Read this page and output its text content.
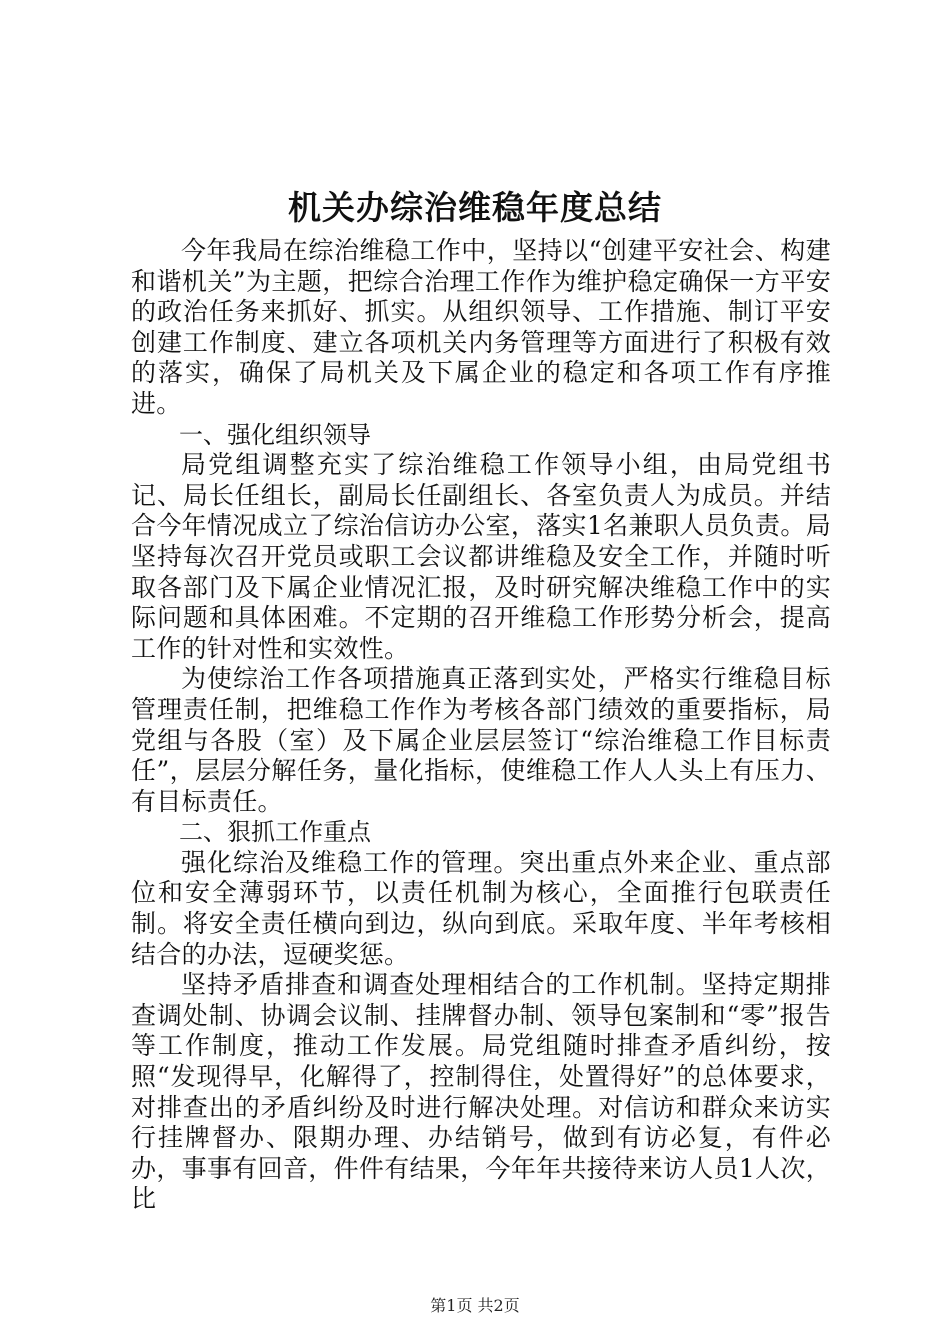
机关办综治维稳年度总结

今年我局在综治维稳工作中，坚持以“创建平安社会、构建和谐机关”为主题，把综合治理工作作为维护稳定确保一方平安的政治任务来抓好、抓实。从组织领导、工作措施、制订平安创建工作制度、建立各项机关内务管理等方面进行了积极有效的落实，确保了局机关及下属企业的稳定和各项工作有序推进。

一、强化组织领导

局党组调整充实了综治维稳工作领导小组，由局党组书记、局长任组长，副局长任副组长、各室负责人为成员。并结合今年情况成立了综治信访办公室，落实1名兼职人员负责。局坚持每次召开党员或职工会议都讲维稳及安全工作，并随时听取各部门及下属企业情况汇报，及时研究解决维稳工作中的实际问题和具体困难。不定期的召开维稳工作形势分析会，提高工作的针对性和实效性。

为使综治工作各项措施真正落到实处，严格实行维稳目标管理责任制，把维稳工作作为考核各部门绩效的重要指标，局党组与各股（室）及下属企业层层签订“综治维稳工作目标责任”，层层分解任务，量化指标，使维稳工作人人头上有压力、有目标责任。

二、狠抓工作重点

强化综治及维稳工作的管理。突出重点外来企业、重点部位和安全薄弱环节，以责任机制为核心，全面推行包联责任制。将安全责任横向到边，纵向到底。采取年度、半年考核相结合的办法，逗硬奖惩。

坚持矛盾排查和调查处理相结合的工作机制。坚持定期排查调处制、协调会议制、挂牌督办制、领导包案制和“零”报告等工作制度，推动工作发展。局党组随时排查矛盾纠纷，按照“发现得早，化解得了，控制得住，处置得好”的总体要求，对排查出的矛盾纠纷及时进行解决处理。对信访和群众来访实行挂牌督办、限期办理、办结销号，做到有访必复，有件必办，事事有回音，件件有结果，今年年共接待来访人员1人次，比

第1页 共2页
